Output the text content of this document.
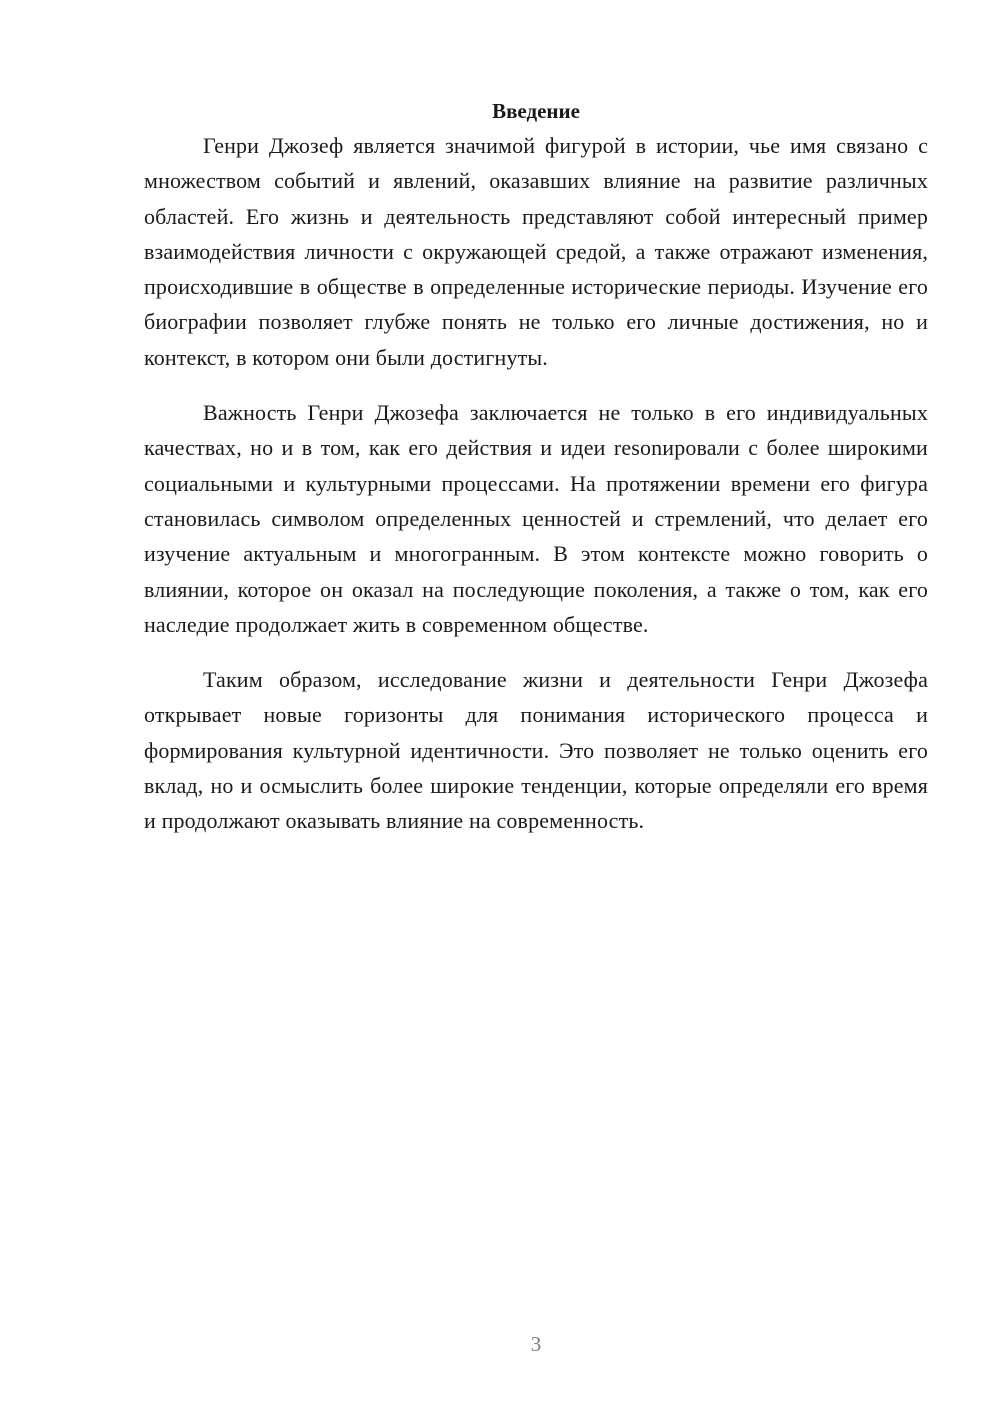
Введение

Генри Джозеф является значимой фигурой в истории, чье имя связано с множеством событий и явлений, оказавших влияние на развитие различных областей. Его жизнь и деятельность представляют собой интересный пример взаимодействия личности с окружающей средой, а также отражают изменения, происходившие в обществе в определенные исторические периоды. Изучение его биографии позволяет глубже понять не только его личные достижения, но и контекст, в котором они были достигнуты.

Важность Генри Джозефа заключается не только в его индивидуальных качествах, но и в том, как его действия и идеи resonировали с более широкими социальными и культурными процессами. На протяжении времени его фигура становилась символом определенных ценностей и стремлений, что делает его изучение актуальным и многогранным. В этом контексте можно говорить о влиянии, которое он оказал на последующие поколения, а также о том, как его наследие продолжает жить в современном обществе.

Таким образом, исследование жизни и деятельности Генри Джозефа открывает новые горизонты для понимания исторического процесса и формирования культурной идентичности. Это позволяет не только оценить его вклад, но и осмыслить более широкие тенденции, которые определяли его время и продолжают оказывать влияние на современность.

3
